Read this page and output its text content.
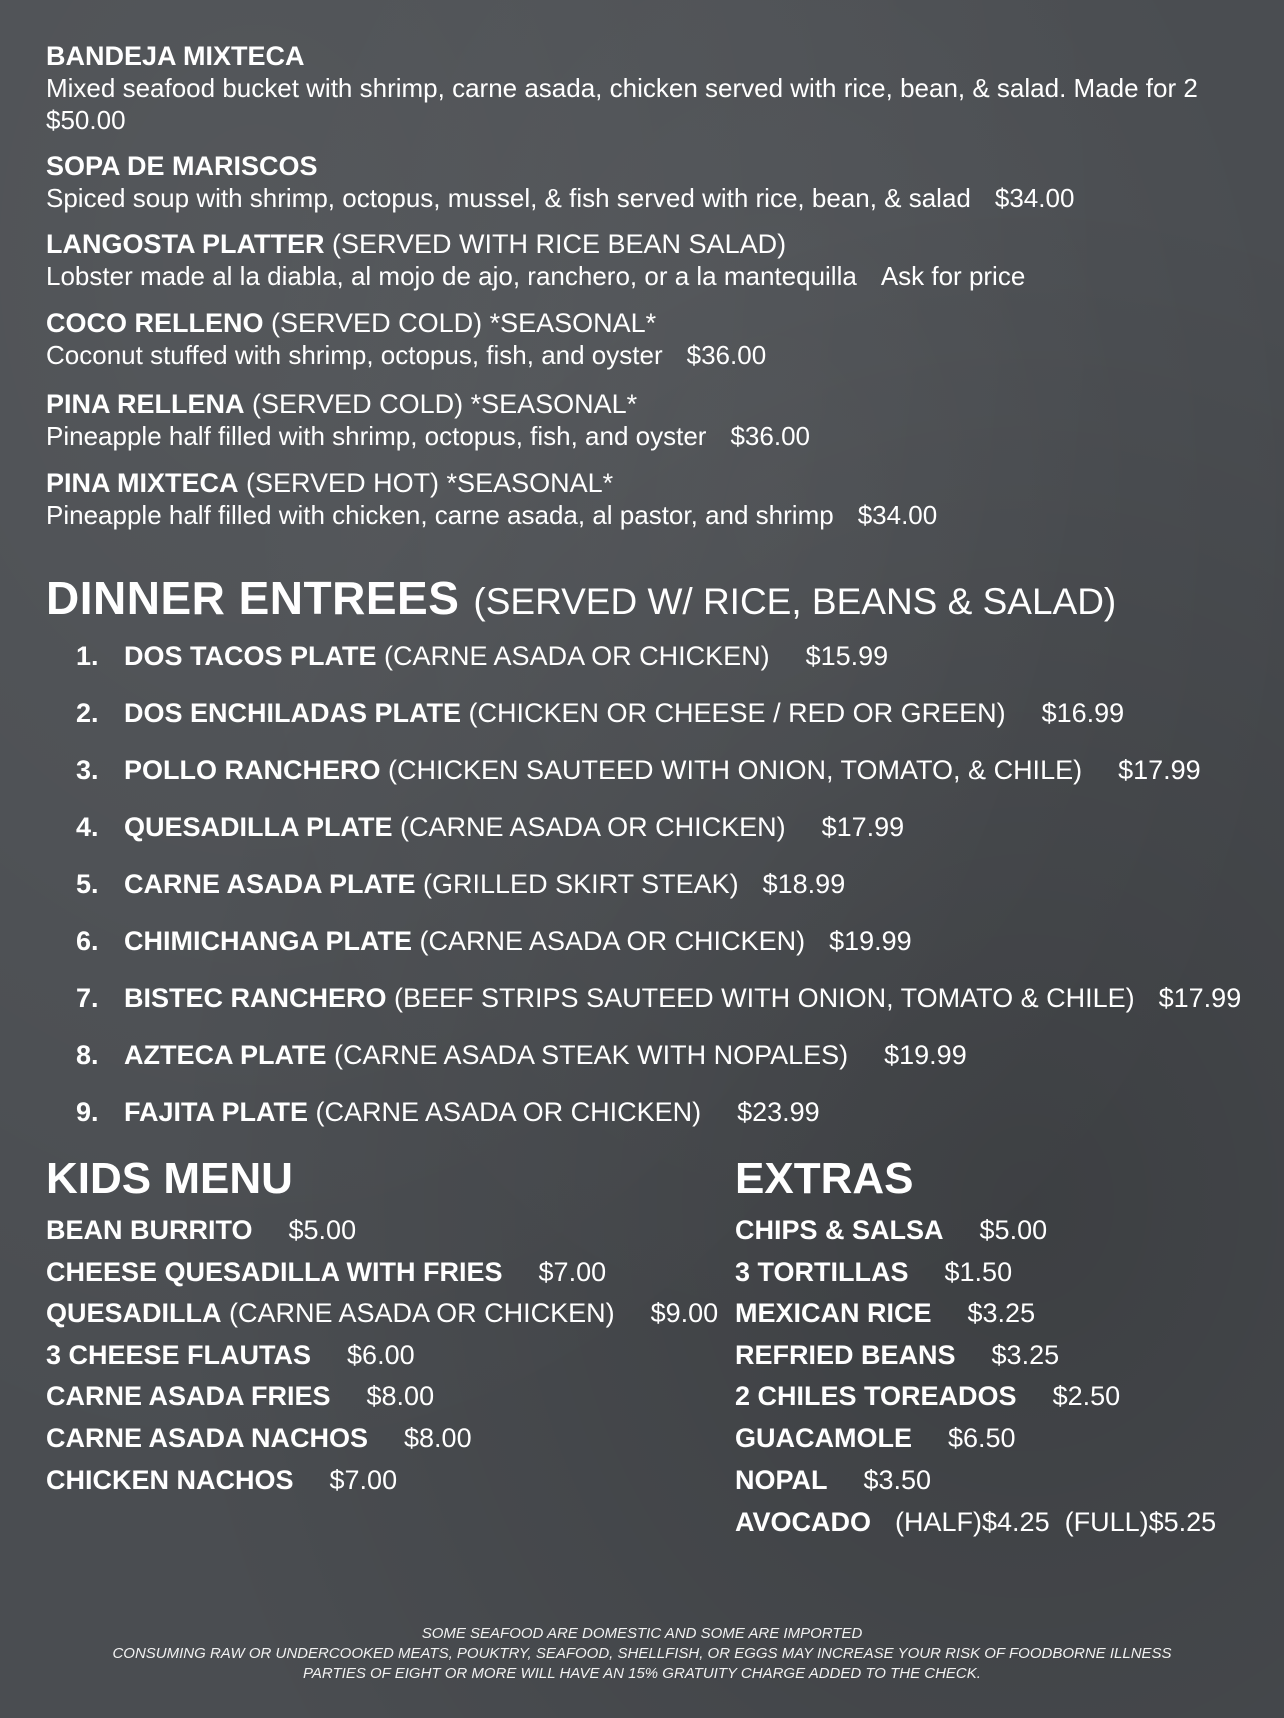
BANDEJA MIXTECA
Mixed seafood bucket with shrimp, carne asada, chicken served with rice, bean, & salad. Made for 2
$50.00
SOPA DE MARISCOS
Spiced soup with shrimp, octopus, mussel, & fish served with rice, bean, & salad $34.00
LANGOSTA PLATTER (SERVED WITH RICE BEAN SALAD)
Lobster made al la diabla, al mojo de ajo, ranchero, or a la mantequilla Ask for price
COCO RELLENO (SERVED COLD) *SEASONAL*
Coconut stuffed with shrimp, octopus, fish, and oyster $36.00
PINA RELLENA (SERVED COLD) *SEASONAL*
Pineapple half filled with shrimp, octopus, fish, and oyster $36.00
PINA MIXTECA (SERVED HOT) *SEASONAL*
Pineapple half filled with chicken, carne asada, al pastor, and shrimp $34.00
DINNER ENTREES (SERVED W/ RICE, BEANS & SALAD)
1. DOS TACOS PLATE (CARNE ASADA OR CHICKEN) $15.99
2. DOS ENCHILADAS PLATE (CHICKEN OR CHEESE / RED OR GREEN) $16.99
3. POLLO RANCHERO (CHICKEN SAUTEED WITH ONION, TOMATO, & CHILE) $17.99
4. QUESADILLA PLATE (CARNE ASADA OR CHICKEN) $17.99
5. CARNE ASADA PLATE (GRILLED SKIRT STEAK) $18.99
6. CHIMICHANGA PLATE (CARNE ASADA OR CHICKEN) $19.99
7. BISTEC RANCHERO (BEEF STRIPS SAUTEED WITH ONION, TOMATO & CHILE) $17.99
8. AZTECA PLATE (CARNE ASADA STEAK WITH NOPALES) $19.99
9. FAJITA PLATE (CARNE ASADA OR CHICKEN) $23.99
KIDS MENU
BEAN BURRITO $5.00
CHEESE QUESADILLA WITH FRIES $7.00
QUESADILLA (CARNE ASADA OR CHICKEN) $9.00
3 CHEESE FLAUTAS $6.00
CARNE ASADA FRIES $8.00
CARNE ASADA NACHOS $8.00
CHICKEN NACHOS $7.00
EXTRAS
CHIPS & SALSA $5.00
3 TORTILLAS $1.50
MEXICAN RICE $3.25
REFRIED BEANS $3.25
2 CHILES TOREADOS $2.50
GUACAMOLE $6.50
NOPAL $3.50
AVOCADO (HALF)$4.25  (FULL)$5.25
SOME SEAFOOD ARE DOMESTIC AND SOME ARE IMPORTED
CONSUMING RAW OR UNDERCOOKED MEATS, POUKTRY, SEAFOOD, SHELLFISH, OR EGGS MAY INCREASE YOUR RISK OF FOODBORNE ILLNESS
PARTIES OF EIGHT OR MORE WILL HAVE AN 15% GRATUITY CHARGE ADDED TO THE CHECK.
